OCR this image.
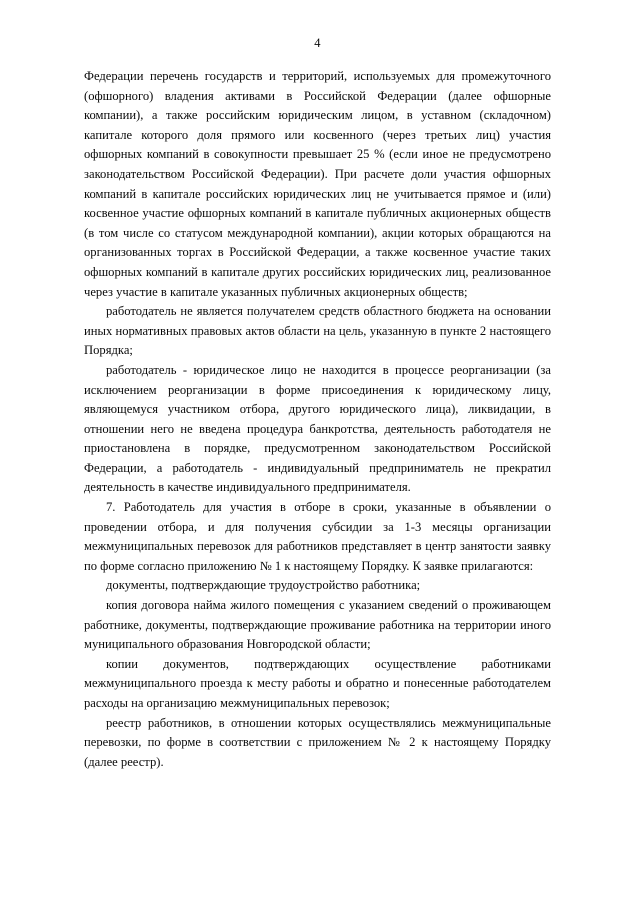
4

Федерации перечень государств и территорий, используемых для промежуточного (офшорного) владения активами в Российской Федерации (далее офшорные компании), а также российским юридическим лицом, в уставном (складочном) капитале которого доля прямого или косвенного (через третьих лиц) участия офшорных компаний в совокупности превышает 25 % (если иное не предусмотрено законодательством Российской Федерации). При расчете доли участия офшорных компаний в капитале российских юридических лиц не учитывается прямое и (или) косвенное участие офшорных компаний в капитале публичных акционерных обществ (в том числе со статусом международной компании), акции которых обращаются на организованных торгах в Российской Федерации, а также косвенное участие таких офшорных компаний в капитале других российских юридических лиц, реализованное через участие в капитале указанных публичных акционерных обществ;

работодатель не является получателем средств областного бюджета на основании иных нормативных правовых актов области на цель, указанную в пункте 2 настоящего Порядка;

работодатель - юридическое лицо не находится в процессе реорганизации (за исключением реорганизации в форме присоединения к юридическому лицу, являющемуся участником отбора, другого юридического лица), ликвидации, в отношении него не введена процедура банкротства, деятельность работодателя не приостановлена в порядке, предусмотренном законодательством Российской Федерации, а работодатель - индивидуальный предприниматель не прекратил деятельность в качестве индивидуального предпринимателя.

7. Работодатель для участия в отборе в сроки, указанные в объявлении о проведении отбора, и для получения субсидии за 1-3 месяцы организации межмуниципальных перевозок для работников представляет в центр занятости заявку по форме согласно приложению № 1 к настоящему Порядку. К заявке прилагаются:

документы, подтверждающие трудоустройство работника;

копия договора найма жилого помещения с указанием сведений о проживающем работнике, документы, подтверждающие проживание работника на территории иного муниципального образования Новгородской области;

копии документов, подтверждающих осуществление работниками межмуниципального проезда к месту работы и обратно и понесенные работодателем расходы на организацию межмуниципальных перевозок;

реестр работников, в отношении которых осуществлялись межмуниципальные перевозки, по форме в соответствии с приложением № 2 к настоящему Порядку (далее реестр).
